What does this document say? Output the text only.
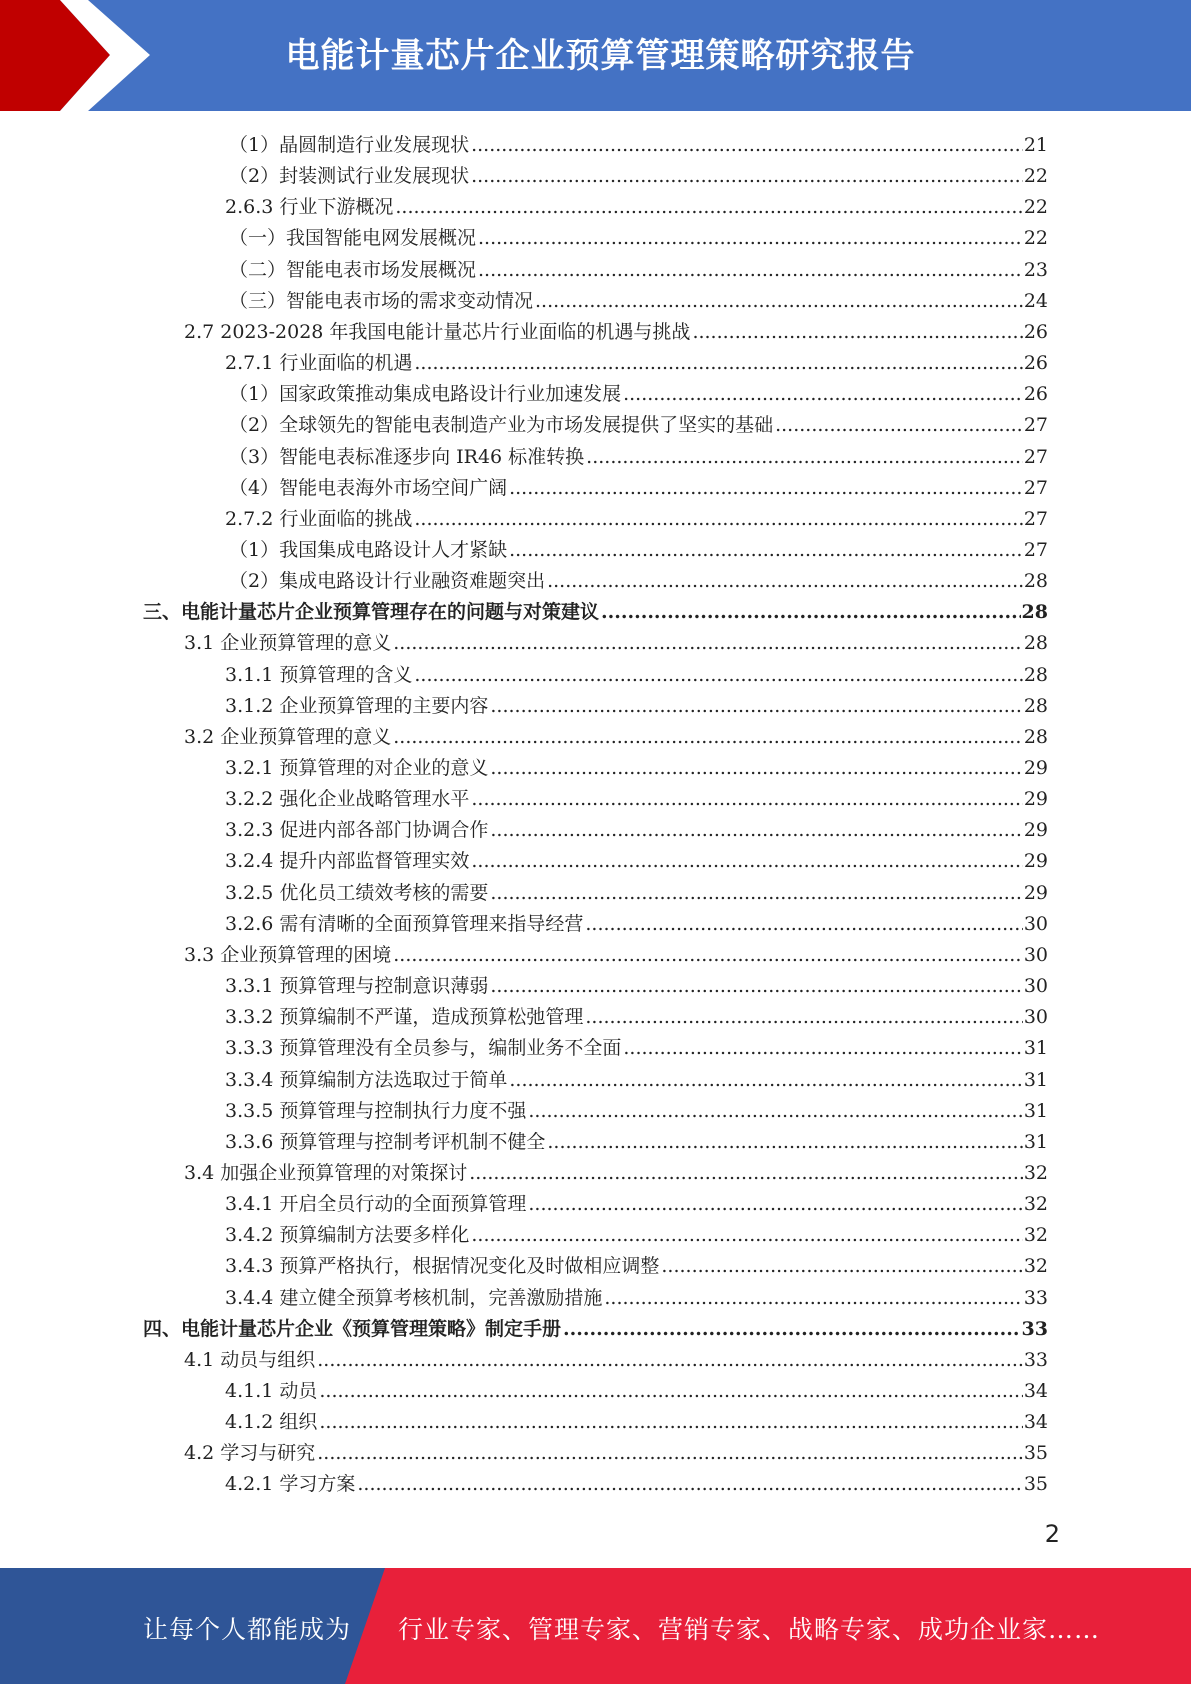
电能计量芯片企业预算管理策略研究报告
（1）晶圆制造行业发展现状 .....	21
（2）封装测试行业发展现状 .....	22
2.6.3 行业下游概况 .....	22
（一）我国智能电网发展概况 .....	22
（二）智能电表市场发展概况 .....	23
（三）智能电表市场的需求变动情况 .....	24
2.7 2023-2028 年我国电能计量芯片行业面临的机遇与挑战 .....	26
2.7.1 行业面临的机遇 .....	26
（1）国家政策推动集成电路设计行业加速发展 .....	26
（2）全球领先的智能电表制造产业为市场发展提供了坚实的基础 .....	27
（3）智能电表标准逐步向 IR46 标准转换 .....	27
（4）智能电表海外市场空间广阔 .....	27
2.7.2 行业面临的挑战 .....	27
（1）我国集成电路设计人才紧缺 .....	27
（2）集成电路设计行业融资难题突出 .....	28
三、电能计量芯片企业预算管理存在的问题与对策建议 .....	28
3.1 企业预算管理的意义 .....	28
3.1.1 预算管理的含义 .....	28
3.1.2 企业预算管理的主要内容 .....	28
3.2 企业预算管理的意义 .....	28
3.2.1 预算管理的对企业的意义 .....	29
3.2.2 强化企业战略管理水平 .....	29
3.2.3 促进内部各部门协调合作 .....	29
3.2.4 提升内部监督管理实效 .....	29
3.2.5 优化员工绩效考核的需要 .....	29
3.2.6 需有清晰的全面预算管理来指导经营 .....	30
3.3 企业预算管理的困境 .....	30
3.3.1 预算管理与控制意识薄弱 .....	30
3.3.2 预算编制不严谨，造成预算松弛管理 .....	30
3.3.3 预算管理没有全员参与，编制业务不全面 .....	31
3.3.4 预算编制方法选取过于简单 .....	31
3.3.5 预算管理与控制执行力度不强 .....	31
3.3.6 预算管理与控制考评机制不健全 .....	31
3.4 加强企业预算管理的对策探讨 .....	32
3.4.1 开启全员行动的全面预算管理 .....	32
3.4.2 预算编制方法要多样化 .....	32
3.4.3 预算严格执行，根据情况变化及时做相应调整 .....	32
3.4.4 建立健全预算考核机制，完善激励措施 .....	33
四、电能计量芯片企业《预算管理策略》制定手册 .....	33
4.1 动员与组织 .....	33
4.1.1 动员 .....	34
4.1.2 组织 .....	34
4.2 学习与研究 .....	35
4.2.1 学习方案 .....	35
2
让每个人都能成为 行业专家、管理专家、营销专家、战略专家、成功企业家……
